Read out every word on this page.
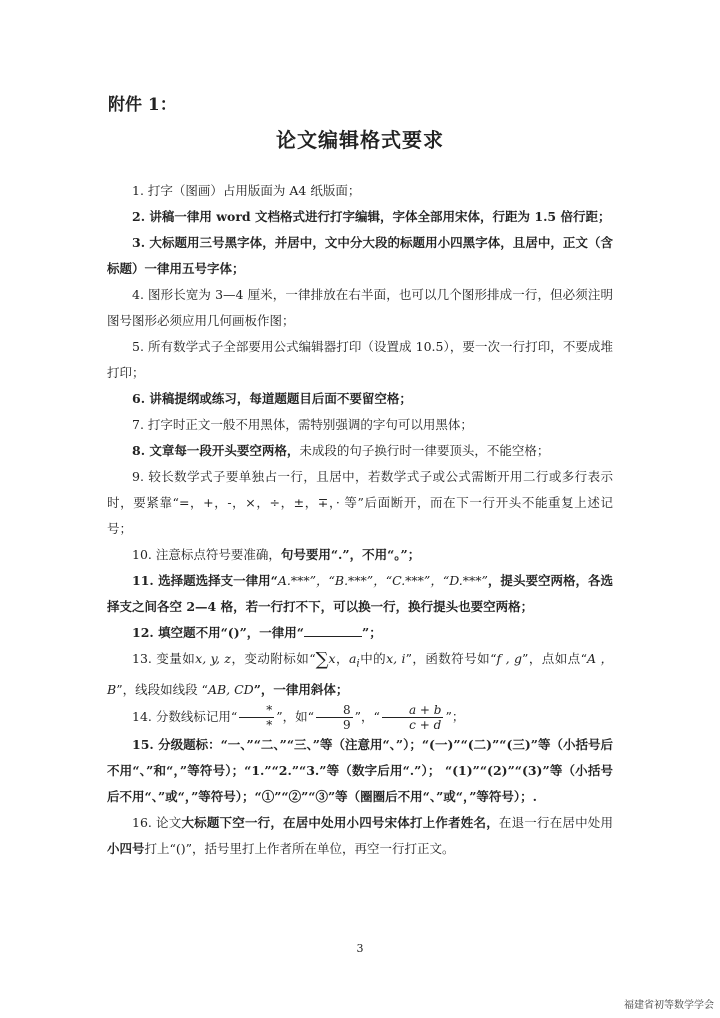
附件 1：
论文编辑格式要求

1. 打字（图画）占用版面为 A4 纸版面；

2. 讲稿一律用 word 文档格式进行打字编辑，字体全部用宋体，行距为 1.5 倍行距；

3. 大标题用三号黑字体，并居中，文中分大段的标题用小四黑字体，且居中，正文（含标题）一律用五号字体；

4. 图形长宽为 3—4 厘米，一律排放在右半面，也可以几个图形排成一行，但必须注明图号图形必须应用几何画板作图；

5. 所有数学式子全部要用公式编辑器打印（设置成 10.5），要一次一行打印，不要成堆打印；

6. 讲稿提纲或练习，每道题题目后面不要留空格；

7. 打字时正文一般不用黑体，需特别强调的字句可以用黑体；

8. 文章每一段开头要空两格，未成段的句子换行时一律要顶头，不能空格；

9. 较长数学式子要单独占一行，且居中，若数学式子或公式需断开用二行或多行表示时，要紧靠“=，+，-，×，÷，±，∓，· 等”后面断开，而在下一行开头不能重复上述记号；

10. 注意标点符号要准确，句号要用“.”，不用“。”；

11. 选择题选择支一律用“A.***”，“B.***”，“C.***”，“D.***”，提头要空两格，各选择支之间各空 2—4 格，若一行打不下，可以换一行，换行提头也要空两格；

12. 填空题不用“()”，一律用“	”；

13. 变量如x, y, z，变动附标如“∑x，$a_i$中的x, i”，函数符号如“f , g”，点如点“A ， B”，线段如线段 “AB, CD”，一律用斜体；

14. 分数线标记用“ $\frac{*}{*}$ ”，如“ $\frac{8}{9}$ ”，“ $\frac{a + b}{c + d}$ ”；

15. 分级题标：“一、”“二、”“三、”等（注意用“、”）；“(一)”“(二)”“(三)”等（小括号后不用“、”和“，”等符号）；“1.”“2.”“3.”等（数字后用“.”）； “(1)”“(2)”“(3)”等（小括号后不用“、”或“，”等符号）；“①”“②”“③”等（圈圈后不用“、”或“，”等符号）；.

16. 论文大标题下空一行，在居中处用小四号宋体打上作者姓名，在退一行在居中处用小四号打上“()”，括号里打上作者所在单位，再空一行打正文。

3
福建省初等数学学会
